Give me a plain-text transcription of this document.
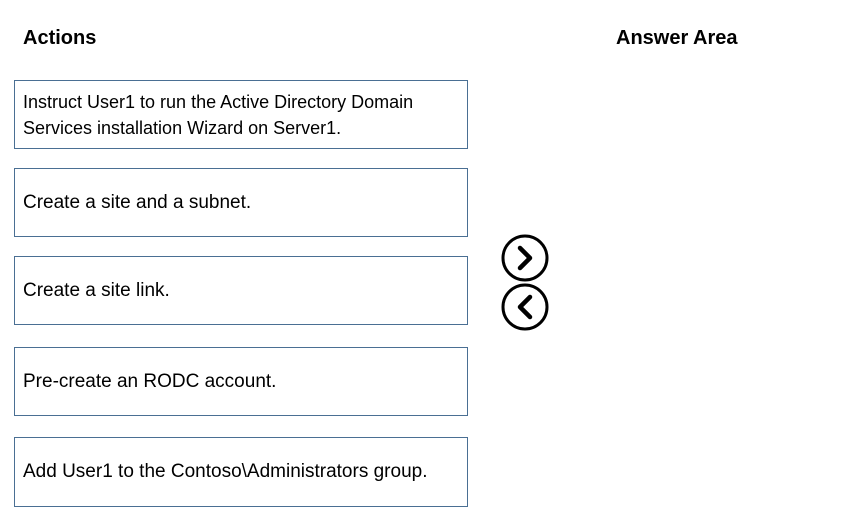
Actions	Answer Area
Instruct User1 to run the Active Directory Domain Services installation Wizard on Server1.
Create a site and a subnet.
Create a site link.
Pre-create an RODC account.
Add User1 to the Contoso\Administrators group.
